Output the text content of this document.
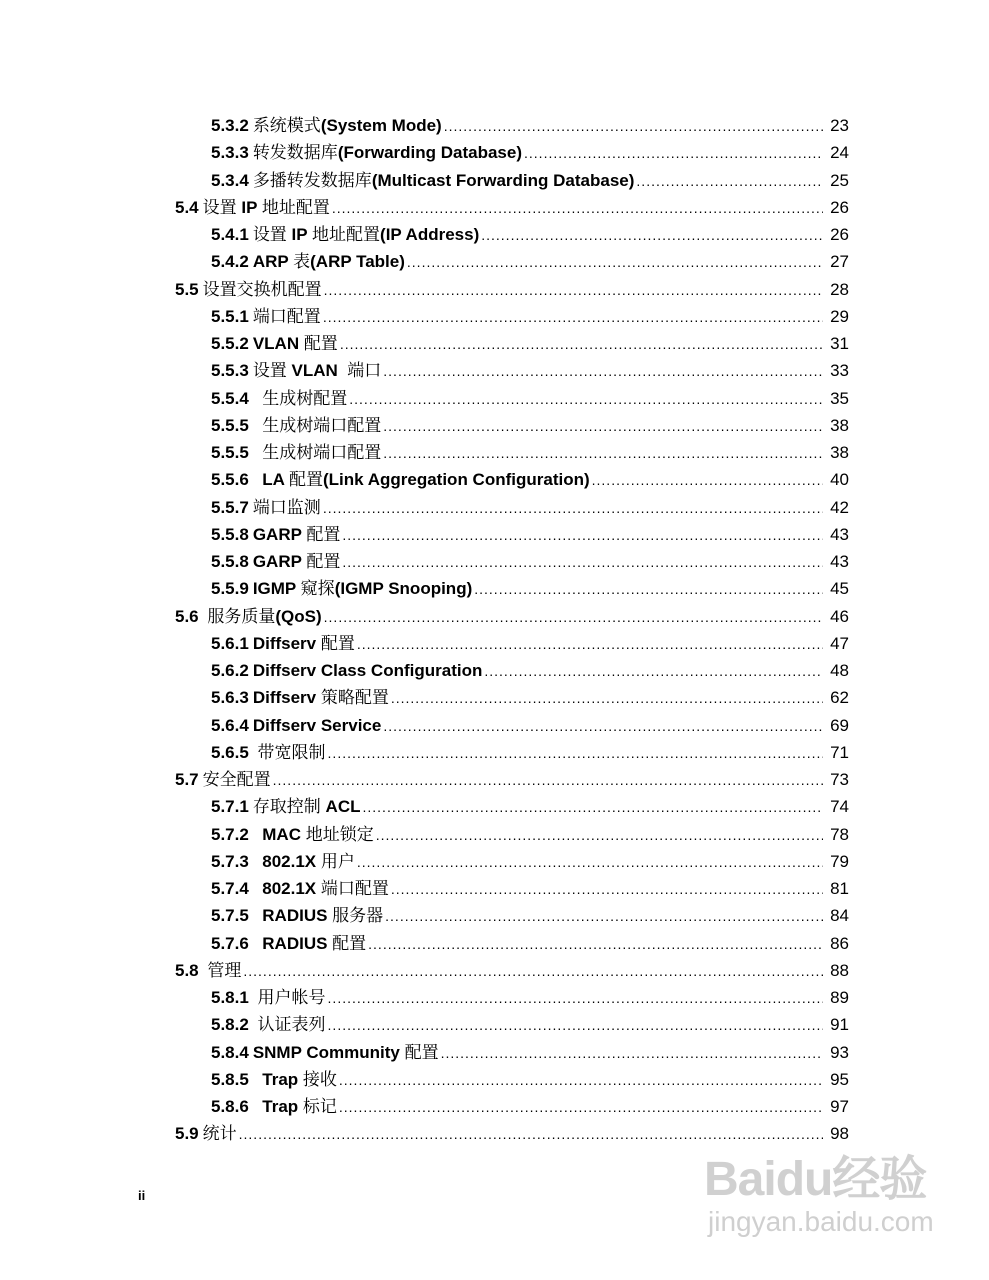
5.3.2 系统模式(System Mode) .....	23
5.3.3 转发数据库(Forwarding Database) .....	24
5.3.4 多播转发数据库(Multicast Forwarding Database) .....	25
5.4 设置 IP 地址配置 .....	26
5.4.1 设置 IP 地址配置(IP Address) .....	26
5.4.2 ARP 表(ARP Table) .....	27
5.5 设置交换机配置 .....	28
5.5.1 端口配置 .....	29
5.5.2 VLAN 配置 .....	31
5.5.3 设置 VLAN  端口 .....	33
5.5.4 生成树配置 .....	35
5.5.5 生成树端口配置 .....	38
5.5.5 生成树端口配置 .....	38
5.5.6 LA 配置(Link Aggregation Configuration) .....	40
5.5.7 端口监测 .....	42
5.5.8 GARP 配置 .....	43
5.5.8 GARP 配置 .....	43
5.5.9 IGMP 窥探(IGMP Snooping) .....	45
5.6 服务质量(QoS) .....	46
5.6.1 Diffserv 配置 .....	47
5.6.2 Diffserv Class Configuration .....	48
5.6.3 Diffserv 策略配置 .....	62
5.6.4 Diffserv Service .....	69
5.6.5 带宽限制 .....	71
5.7 安全配置 .....	73
5.7.1 存取控制 ACL .....	74
5.7.2 MAC 地址锁定 .....	78
5.7.3 802.1X 用户 .....	79
5.7.4 802.1X 端口配置 .....	81
5.7.5 RADIUS 服务器 .....	84
5.7.6 RADIUS 配置 .....	86
5.8 管理 .....	88
5.8.1 用户帐号 .....	89
5.8.2 认证表列 .....	91
5.8.4 SNMP Community 配置 .....	93
5.8.5 Trap 接收 .....	95
5.8.6 Trap 标记 .....	97
5.9 统计 .....	98
ii	Baidu经验
jingyan.baidu.com
